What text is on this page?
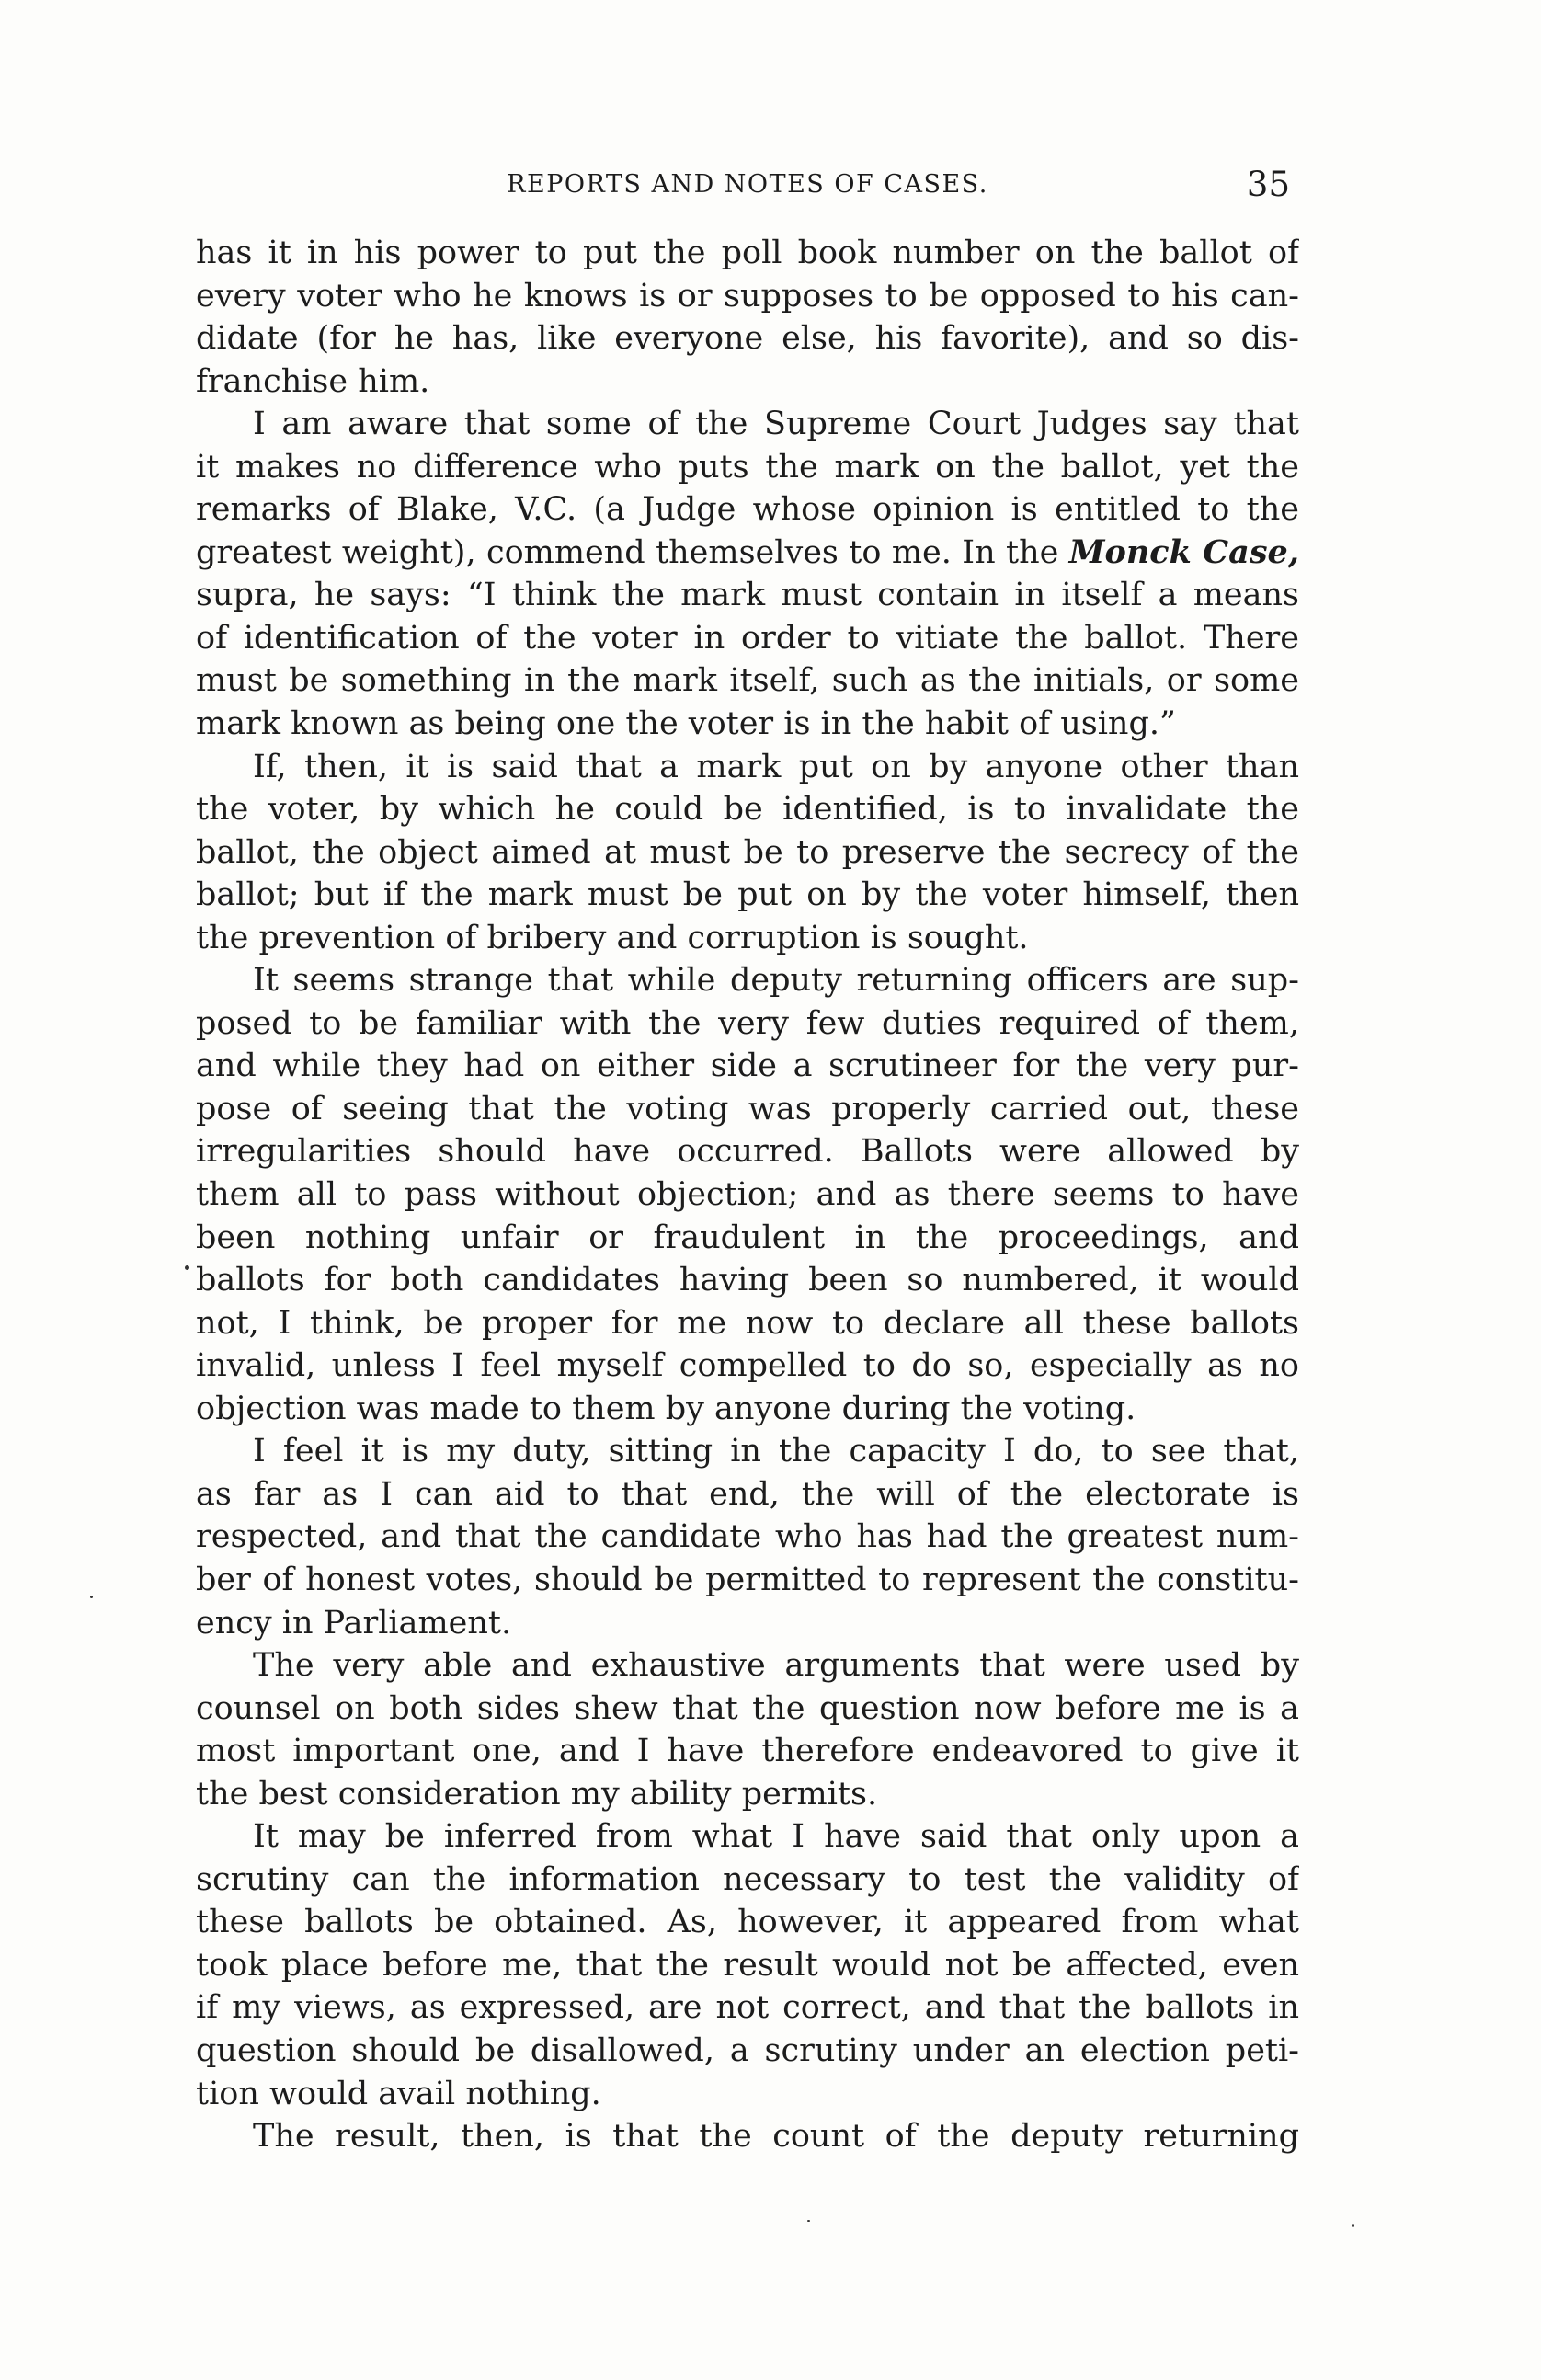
REPORTS AND NOTES OF CASES.	35
has it in his power to put the poll book number on the ballot of
every voter who he knows is or supposes to be opposed to his can-
didate (for he has, like everyone else, his favorite), and so dis-
franchise him.
I am aware that some of the Supreme Court Judges say that
it makes no difference who puts the mark on the ballot, yet the
remarks of Blake, V.C. (a Judge whose opinion is entitled to the
greatest weight), commend themselves to me. In the Monck Case,
supra, he says: “I think the mark must contain in itself a means
of identification of the voter in order to vitiate the ballot. There
must be something in the mark itself, such as the initials, or some
mark known as being one the voter is in the habit of using.”
If, then, it is said that a mark put on by anyone other than
the voter, by which he could be identified, is to invalidate the
ballot, the object aimed at must be to preserve the secrecy of the
ballot; but if the mark must be put on by the voter himself, then
the prevention of bribery and corruption is sought.
It seems strange that while deputy returning officers are sup-
posed to be familiar with the very few duties required of them,
and while they had on either side a scrutineer for the very pur-
pose of seeing that the voting was properly carried out, these
irregularities should have occurred. Ballots were allowed by
them all to pass without objection; and as there seems to have
been nothing unfair or fraudulent in the proceedings, and
ballots for both candidates having been so numbered, it would
not, I think, be proper for me now to declare all these ballots
invalid, unless I feel myself compelled to do so, especially as no
objection was made to them by anyone during the voting.
I feel it is my duty, sitting in the capacity I do, to see that,
as far as I can aid to that end, the will of the electorate is
respected, and that the candidate who has had the greatest num-
ber of honest votes, should be permitted to represent the constitu-
ency in Parliament.
The very able and exhaustive arguments that were used by
counsel on both sides shew that the question now before me is a
most important one, and I have therefore endeavored to give it
the best consideration my ability permits.
It may be inferred from what I have said that only upon a
scrutiny can the information necessary to test the validity of
these ballots be obtained. As, however, it appeared from what
took place before me, that the result would not be affected, even
if my views, as expressed, are not correct, and that the ballots in
question should be disallowed, a scrutiny under an election peti-
tion would avail nothing.
The result, then, is that the count of the deputy returning
